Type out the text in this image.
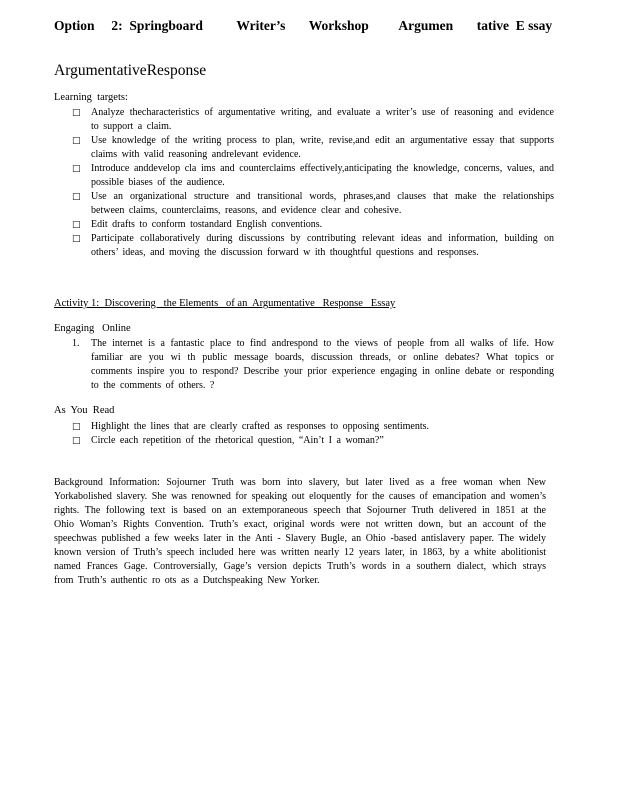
Option     2:  Springboard          Writer’s       Workshop         Argumen       tative  E ssay
ArgumentativeResponse
Learning  targets:
□ Analyze thecharacteristics of argumentative writing, and evaluate a writer’s use of reasoning and evidence to support a claim.
□ Use knowledge of the writing process to plan, write, revise,and edit an argumentative essay that supports claims with valid reasoning andrelevant evidence.
□ Introduce anddevelop cla ims and counterclaims effectively,anticipating the knowledge, concerns, values, and possible biases of the audience.
□ Use an organizational structure and transitional words, phrases,and clauses that make the relationships between claims, counterclaims, reasons, and evidence clear and cohesive.
□ Edit drafts to conform tostandard English conventions.
□ Participate collaboratively during discussions by contributing relevant ideas and information, building on others’ ideas, and moving the discussion forward w ith thoughtful questions and responses.
Activity 1:  Discovering   the Elements   of an  Argumentative   Response   Essay
Engaging   Online
1. The internet is a fantastic place to find andrespond to the views of people from all walks of life. How familiar are you wi th public message boards, discussion threads, or online debates? What topics or comments inspire you to respond? Describe your prior experience engaging in online debate or responding to the comments of others. ?
As  You  Read
□ Highlight the lines that are clearly crafted as responses to opposing sentiments.
□ Circle each repetition of the rhetorical question, “Ain’t I a woman?”
Background Information: Sojourner Truth was born into slavery, but later lived as a free woman when New Yorkabolished slavery. She was renowned for speaking out eloquently for the causes of emancipation and women’s rights. The following text is based on an extemporaneous speech that Sojourner Truth delivered in 1851 at the Ohio Woman’s Rights Convention. Truth’s exact, original words were not written down, but an account of the speechwas published a few weeks later in the Anti - Slavery Bugle, an Ohio -based antislavery paper. The widely known version of Truth’s speech included here was written nearly 12 years later, in 1863, by a white abolitionist named Frances Gage. Controversially, Gage’s version depicts Truth’s words in a southern dialect, which strays from Truth’s authentic ro ots as a Dutchspeaking New Yorker.
